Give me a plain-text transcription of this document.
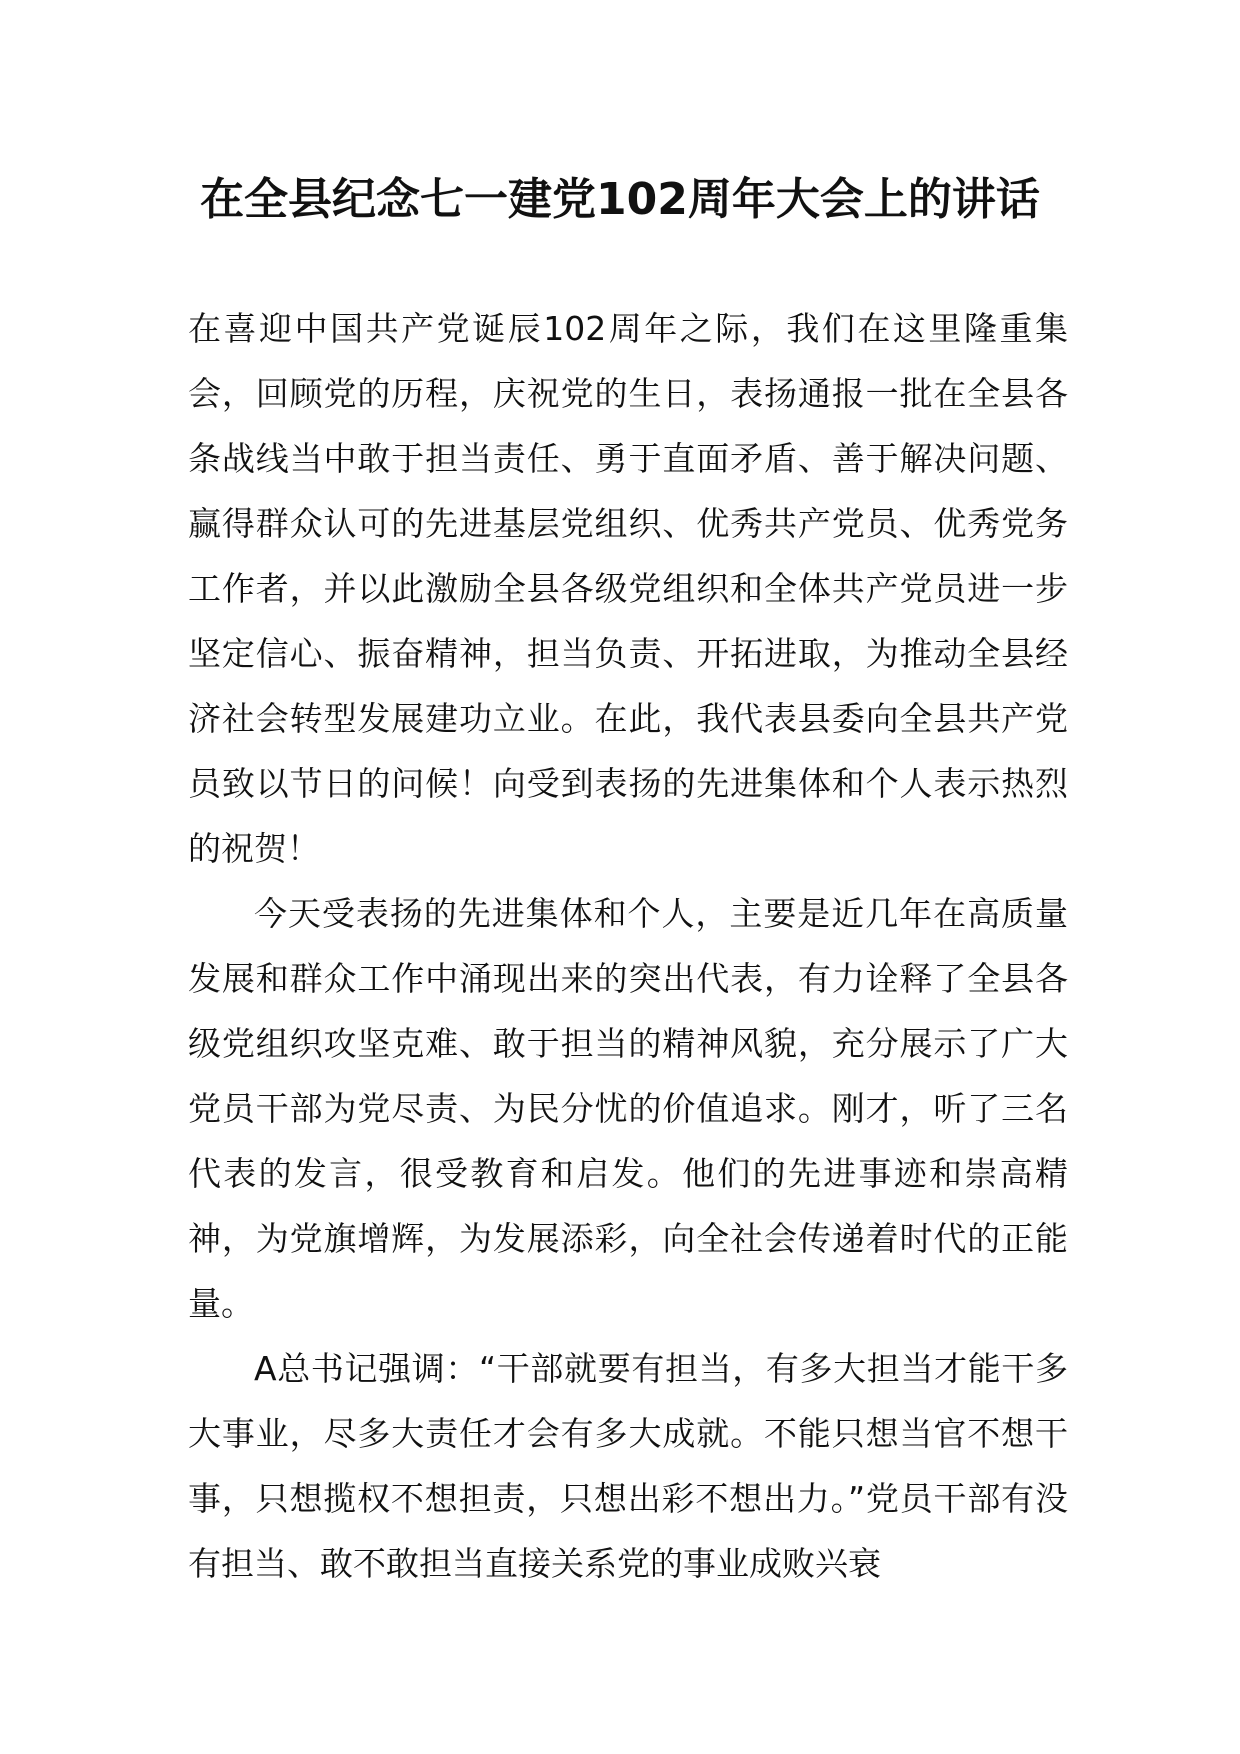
在全县纪念七一建党102周年大会上的讲话

在喜迎中国共产党诞辰102周年之际，我们在这里隆重集会，回顾党的历程，庆祝党的生日，表扬通报一批在全县各条战线当中敢于担当责任、勇于直面矛盾、善于解决问题、赢得群众认可的先进基层党组织、优秀共产党员、优秀党务工作者，并以此激励全县各级党组织和全体共产党员进一步坚定信心、振奋精神，担当负责、开拓进取，为推动全县经济社会转型发展建功立业。在此，我代表县委向全县共产党员致以节日的问候！向受到表扬的先进集体和个人表示热烈的祝贺！

今天受表扬的先进集体和个人，主要是近几年在高质量发展和群众工作中涌现出来的突出代表，有力诠释了全县各级党组织攻坚克难、敢于担当的精神风貌，充分展示了广大党员干部为党尽责、为民分忧的价值追求。刚才，听了三名代表的发言，很受教育和启发。他们的先进事迹和崇高精神，为党旗增辉，为发展添彩，向全社会传递着时代的正能量。

A总书记强调：“干部就要有担当，有多大担当才能干多大事业，尽多大责任才会有多大成就。不能只想当官不想干事，只想揽权不想担责，只想出彩不想出力。”党员干部有没有担当、敢不敢担当直接关系党的事业成败兴衰
